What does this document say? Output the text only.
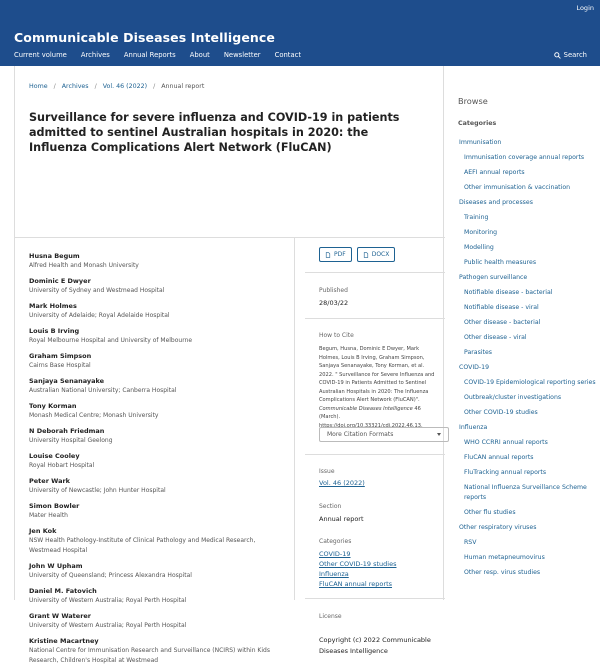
Login
Communicable Diseases Intelligence
Current volume Archives Annual Reports About Newsletter Contact	Search
Home / Archives / Vol. 46 (2022) / Annual report
Surveillance for severe influenza and COVID-19 in patients admitted to sentinel Australian hospitals in 2020: the Influenza Complications Alert Network (FluCAN)
Husna Begum
Alfred Health and Monash University
Dominic E Dwyer
University of Sydney and Westmead Hospital
Mark Holmes
University of Adelaide; Royal Adelaide Hospital
Louis B Irving
Royal Melbourne Hospital and University of Melbourne
Graham Simpson
Cairns Base Hospital
Sanjaya Senanayake
Australian National University; Canberra Hospital
Tony Korman
Monash Medical Centre; Monash University
N Deborah Friedman
University Hospital Geelong
Louise Cooley
Royal Hobart Hospital
Peter Wark
University of Newcastle; John Hunter Hospital
Simon Bowler
Mater Health
Jen Kok
NSW Health Pathology-Institute of Clinical Pathology and Medical Research, Westmead Hospital
John W Upham
University of Queensland; Princess Alexandra Hospital
Daniel M. Fatovich
University of Western Australia; Royal Perth Hospital
Grant W Waterer
University of Western Australia; Royal Perth Hospital
Kristine Macartney
National Centre for Immunisation Research and Surveillance (NCIRS) within Kids Research, Children's Hospital at Westmead
PDF	DOCX
Published
28/03/22
How to Cite
Begum, Husna, Dominic E Dwyer, Mark Holmes, Louis B Irving, Graham Simpson, Sanjaya Senanayake, Tony Korman, et al. 2022. " Surveillance for Severe Influenza and COVID-19 in Patients Admitted to Sentinel Australian Hospitals in 2020: The Influenza Complications Alert Network (FluCAN)". Communicable Diseases Intelligence 46 (March). https://doi.org/10.33321/cdi.2022.46.13.
More Citation Formats
Issue
Vol. 46 (2022)
Section
Annual report
Categories
COVID-19
Other COVID-19 studies
Influenza
FluCAN annual reports
License
Copyright (c) 2022 Communicable Diseases Intelligence
Browse
Categories
Immunisation
Immunisation coverage annual reports
AEFI annual reports
Other immunisation & vaccination
Diseases and processes
Training
Monitoring
Modelling
Public health measures
Pathogen surveillance
Notifiable disease - bacterial
Notifiable disease - viral
Other disease - bacterial
Other disease - viral
Parasites
COVID-19
COVID-19 Epidemiological reporting series
Outbreak/cluster investigations
Other COVID-19 studies
Influenza
WHO CCRRI annual reports
FluCAN annual reports
FluTracking annual reports
National Influenza Surveillance Scheme reports
Other flu studies
Other respiratory viruses
RSV
Human metapneumovirus
Other resp. virus studies
